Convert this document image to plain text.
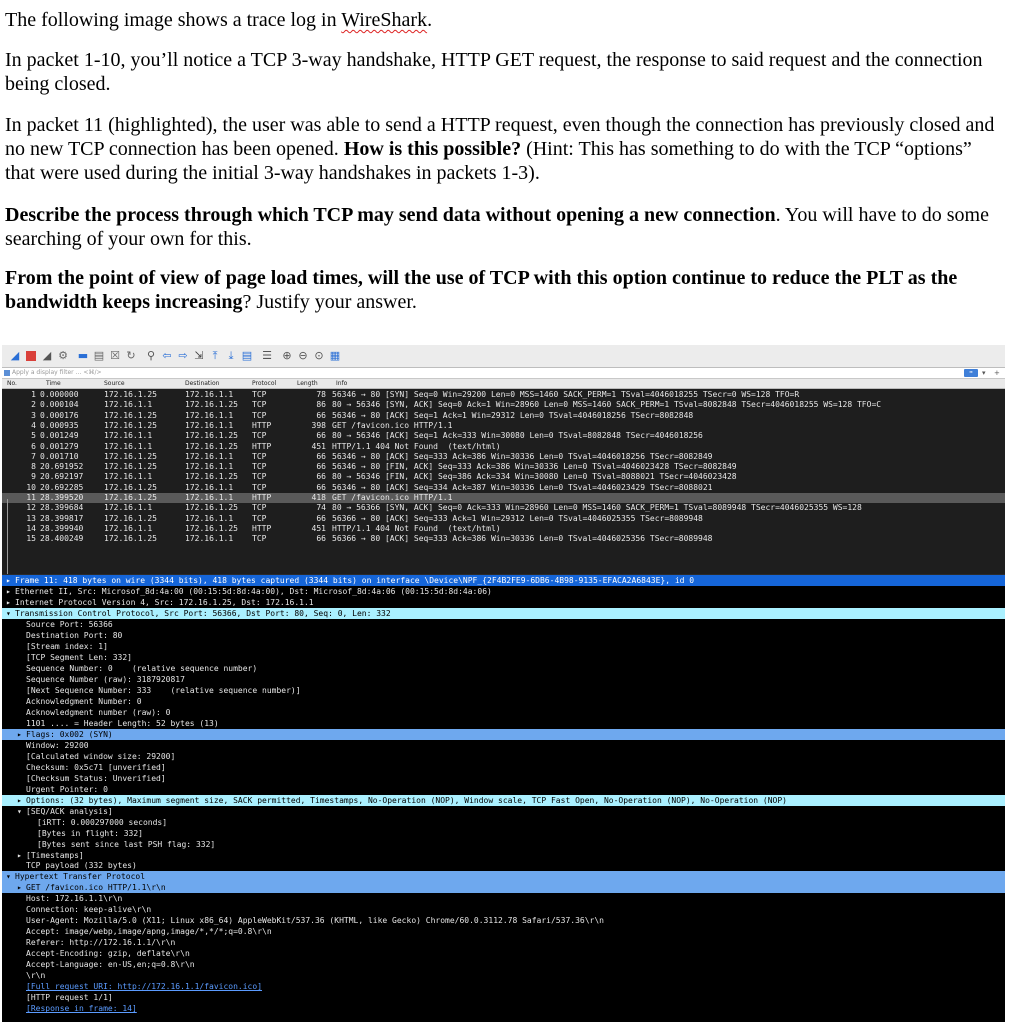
The following image shows a trace log in WireShark.

In packet 1-10, you’ll notice a TCP 3-way handshake, HTTP GET request, the response to said request and the connection being closed.

In packet 11 (highlighted), the user was able to send a HTTP request, even though the connection has previously closed and no new TCP connection has been opened. How is this possible? (Hint: This has something to do with the TCP “options” that were used during the initial 3-way handshakes in packets 1-3).

Describe the process through which TCP may send data without opening a new connection. You will have to do some searching of your own for this.

From the point of view of page load times, will the use of TCP with this option continue to reduce the PLT as the bandwidth keeps increasing? Justify your answer.

◢ ◢ ⚙ ▬ ▤ ☒ ↻ ⚲ ⇦ ⇨ ⇲ ⤒	⤓ ▤ ☰ ⊕ ⊖ ⊙ ▦
Apply a display filter … <⌘/>	➡	▾ +
No.	Time	Source	Destination	Protocol	Length	Info
1 0.000000	172.16.1.25	172.16.1.1	TCP	78 56346 → 80 [SYN] Seq=0 Win=29200 Len=0 MSS=1460 SACK_PERM=1 TSval=4046018255 TSecr=0 WS=128 TFO=R
2 0.000104	172.16.1.1	172.16.1.25	TCP	86 80 → 56346 [SYN, ACK] Seq=0 Ack=1 Win=28960 Len=0 MSS=1460 SACK_PERM=1 TSval=8082848 TSecr=4046018255 WS=128 TFO=C
3 0.000176	172.16.1.25	172.16.1.1	TCP	66 56346 → 80 [ACK] Seq=1 Ack=1 Win=29312 Len=0 TSval=4046018256 TSecr=8082848
4 0.000935	172.16.1.25	172.16.1.1	HTTP	398 GET /favicon.ico HTTP/1.1
5 0.001249	172.16.1.1	172.16.1.25	TCP	66 80 → 56346 [ACK] Seq=1 Ack=333 Win=30080 Len=0 TSval=8082848 TSecr=4046018256
6 0.001279	172.16.1.1	172.16.1.25	HTTP	451 HTTP/1.1 404 Not Found  (text/html)
7 0.001710	172.16.1.25	172.16.1.1	TCP	66 56346 → 80 [ACK] Seq=333 Ack=386 Win=30336 Len=0 TSval=4046018256 TSecr=8082849
8 20.691952	172.16.1.25	172.16.1.1	TCP	66 56346 → 80 [FIN, ACK] Seq=333 Ack=386 Win=30336 Len=0 TSval=4046023428 TSecr=8082849
9 20.692197	172.16.1.1	172.16.1.25	TCP	66 80 → 56346 [FIN, ACK] Seq=386 Ack=334 Win=30080 Len=0 TSval=8088021 TSecr=4046023428
10 20.692285	172.16.1.25	172.16.1.1	TCP	66 56346 → 80 [ACK] Seq=334 Ack=387 Win=30336 Len=0 TSval=4046023429 TSecr=8088021
11 28.399520	172.16.1.25	172.16.1.1	HTTP	418 GET /favicon.ico HTTP/1.1
12 28.399684	172.16.1.1	172.16.1.25	TCP	74 80 → 56366 [SYN, ACK] Seq=0 Ack=333 Win=28960 Len=0 MSS=1460 SACK_PERM=1 TSval=8089948 TSecr=4046025355 WS=128
13 28.399817	172.16.1.25	172.16.1.1	TCP	66 56366 → 80 [ACK] Seq=333 Ack=1 Win=29312 Len=0 TSval=4046025355 TSecr=8089948
14 28.399940	172.16.1.1	172.16.1.25	HTTP	451 HTTP/1.1 404 Not Found  (text/html)
15 28.400249	172.16.1.25	172.16.1.1	TCP	66 56366 → 80 [ACK] Seq=333 Ack=386 Win=30336 Len=0 TSval=4046025356 TSecr=8089948
▸ Frame 11: 418 bytes on wire (3344 bits), 418 bytes captured (3344 bits) on interface \Device\NPF_{2F4B2FE9-6DB6-4B98-9135-EFACA2A6843E}, id 0
▸ Ethernet II, Src: Microsof_8d:4a:00 (00:15:5d:8d:4a:00), Dst: Microsof_8d:4a:06 (00:15:5d:8d:4a:06)
▸ Internet Protocol Version 4, Src: 172.16.1.25, Dst: 172.16.1.1
▾ Transmission Control Protocol, Src Port: 56366, Dst Port: 80, Seq: 0, Len: 332
Source Port: 56366
Destination Port: 80
[Stream index: 1]
[TCP Segment Len: 332]
Sequence Number: 0    (relative sequence number)
Sequence Number (raw): 3187920817
[Next Sequence Number: 333    (relative sequence number)]
Acknowledgment Number: 0
Acknowledgment number (raw): 0
1101 .... = Header Length: 52 bytes (13)
▸ Flags: 0x002 (SYN)
Window: 29200
[Calculated window size: 29200]
Checksum: 0x5c71 [unverified]
[Checksum Status: Unverified]
Urgent Pointer: 0
▸ Options: (32 bytes), Maximum segment size, SACK permitted, Timestamps, No-Operation (NOP), Window scale, TCP Fast Open, No-Operation (NOP), No-Operation (NOP)
▾ [SEQ/ACK analysis]
[iRTT: 0.000297000 seconds]
[Bytes in flight: 332]
[Bytes sent since last PSH flag: 332]
▸ [Timestamps]
TCP payload (332 bytes)
▾ Hypertext Transfer Protocol
▸ GET /favicon.ico HTTP/1.1\r\n
Host: 172.16.1.1\r\n
Connection: keep-alive\r\n
User-Agent: Mozilla/5.0 (X11; Linux x86_64) AppleWebKit/537.36 (KHTML, like Gecko) Chrome/60.0.3112.78 Safari/537.36\r\n
Accept: image/webp,image/apng,image/*,*/*;q=0.8\r\n
Referer: http://172.16.1.1/\r\n
Accept-Encoding: gzip, deflate\r\n
Accept-Language: en-US,en;q=0.8\r\n
\r\n
[Full request URI: http://172.16.1.1/favicon.ico]
[HTTP request 1/1]
[Response in frame: 14]
